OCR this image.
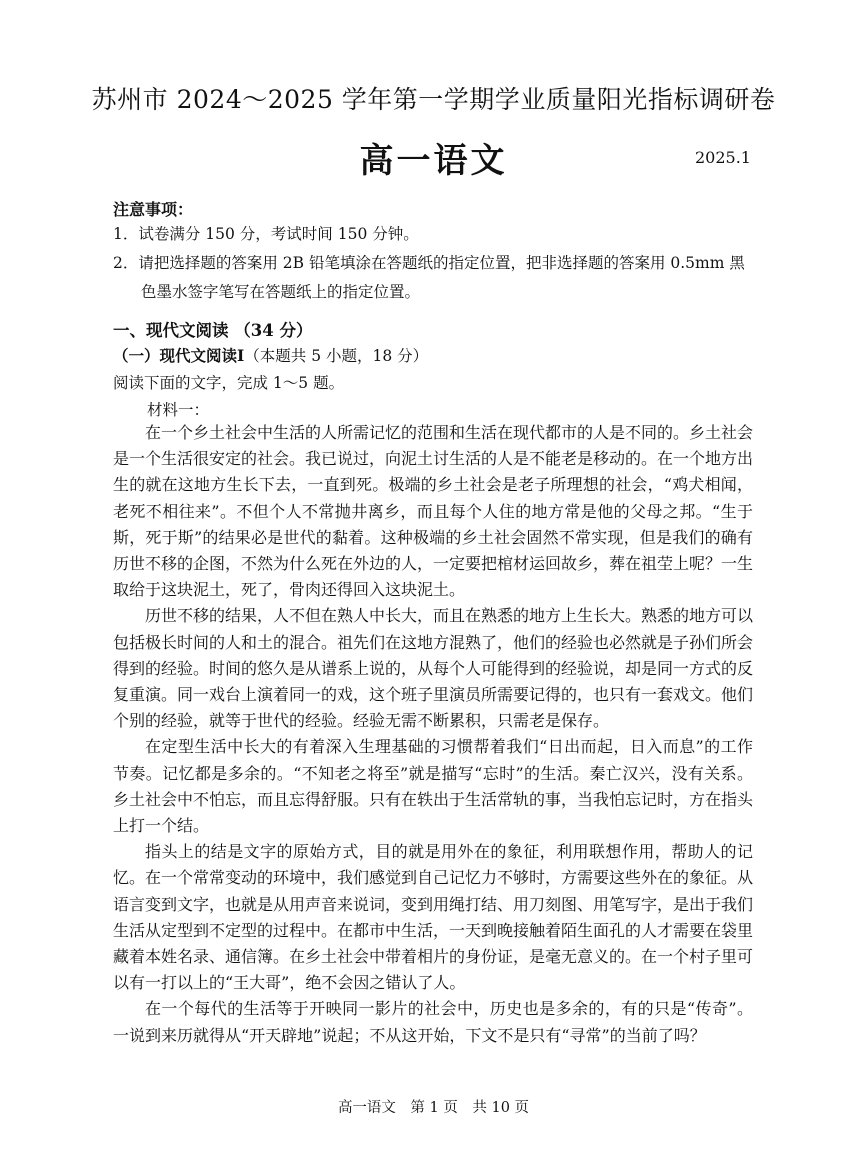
苏州市 2024～2025 学年第一学期学业质量阳光指标调研卷
高一语文	2025.1
注意事项：
1．试卷满分 150 分，考试时间 150 分钟。
2．请把选择题的答案用 2B 铅笔填涂在答题纸的指定位置，把非选择题的答案用 0.5mm 黑
色墨水签字笔写在答题纸上的指定位置。
一、现代文阅读 （34 分）
（一）现代文阅读Ⅰ（本题共 5 小题，18 分）
阅读下面的文字，完成 1～5 题。
材料一：

在一个乡土社会中生活的人所需记忆的范围和生活在现代都市的人是不同的。乡土社会是一个生活很安定的社会。我已说过，向泥土讨生活的人是不能老是移动的。在一个地方出生的就在这地方生长下去，一直到死。极端的乡土社会是老子所理想的社会，“鸡犬相闻，老死不相往来”。不但个人不常抛井离乡，而且每个人住的地方常是他的父母之邦。“生于斯，死于斯”的结果必是世代的黏着。这种极端的乡土社会固然不常实现，但是我们的确有历世不移的企图，不然为什么死在外边的人，一定要把棺材运回故乡，葬在祖茔上呢？一生取给于这块泥土，死了，骨肉还得回入这块泥土。

历世不移的结果，人不但在熟人中长大，而且在熟悉的地方上生长大。熟悉的地方可以包括极长时间的人和土的混合。祖先们在这地方混熟了，他们的经验也必然就是子孙们所会得到的经验。时间的悠久是从谱系上说的，从每个人可能得到的经验说，却是同一方式的反复重演。同一戏台上演着同一的戏，这个班子里演员所需要记得的，也只有一套戏文。他们个别的经验，就等于世代的经验。经验无需不断累积，只需老是保存。

在定型生活中长大的有着深入生理基础的习惯帮着我们“日出而起，日入而息”的工作节奏。记忆都是多余的。“不知老之将至”就是描写“忘时”的生活。秦亡汉兴，没有关系。乡土社会中不怕忘，而且忘得舒服。只有在轶出于生活常轨的事，当我怕忘记时，方在指头上打一个结。

指头上的结是文字的原始方式，目的就是用外在的象征，利用联想作用，帮助人的记忆。在一个常常变动的环境中，我们感觉到自己记忆力不够时，方需要这些外在的象征。从语言变到文字，也就是从用声音来说词，变到用绳打结、用刀刻图、用笔写字，是出于我们生活从定型到不定型的过程中。在都市中生活，一天到晚接触着陌生面孔的人才需要在袋里藏着本姓名录、通信簿。在乡土社会中带着相片的身份证，是毫无意义的。在一个村子里可以有一打以上的“王大哥”，绝不会因之错认了人。

在一个每代的生活等于开映同一影片的社会中，历史也是多余的，有的只是“传奇”。一说到来历就得从“开天辟地”说起；不从这开始，下文不是只有“寻常”的当前了吗？

高一语文　第 1 页　共 10 页
